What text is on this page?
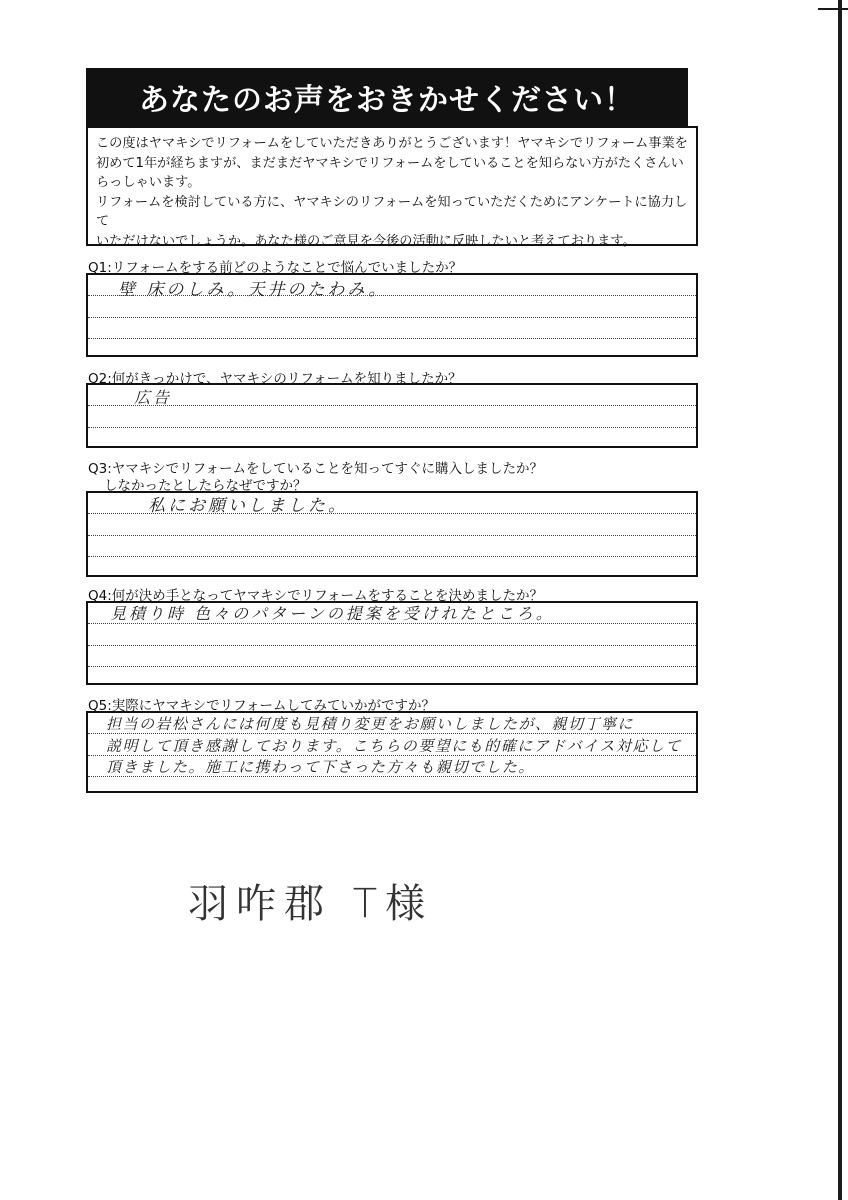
あなたのお声をおきかせください！

この度はヤマキシでリフォームをしていただきありがとうございます！ヤマキシでリフォーム事業を
初めて1年が経ちますが、まだまだヤマキシでリフォームをしていることを知らない方がたくさんい
らっしゃいます。

リフォームを検討している方に、ヤマキシのリフォームを知っていただくためにアンケートに協力して
いただけないでしょうか。あなた様のご意見を今後の活動に反映したいと考えております。

Q1:リフォームをする前どのようなことで悩んでいましたか？
壁 床のしみ。天井のたわみ。
Q2:何がきっかけで、ヤマキシのリフォームを知りましたか？
広告
Q3:ヤマキシでリフォームをしていることを知ってすぐに購入しましたか？
しなかったとしたらなぜですか？
私にお願いしました。
Q4:何が決め手となってヤマキシでリフォームをすることを決めましたか？
見積り時 色々のパターンの提案を受けれたところ。
Q5:実際にヤマキシでリフォームしてみていかがですか？
担当の岩松さんには何度も見積り変更をお願いしましたが、親切丁寧に
説明して頂き感謝しております。こちらの要望にも的確にアドバイス対応して
頂きました。施工に携わって下さった方々も親切でした。
羽咋郡 T様
